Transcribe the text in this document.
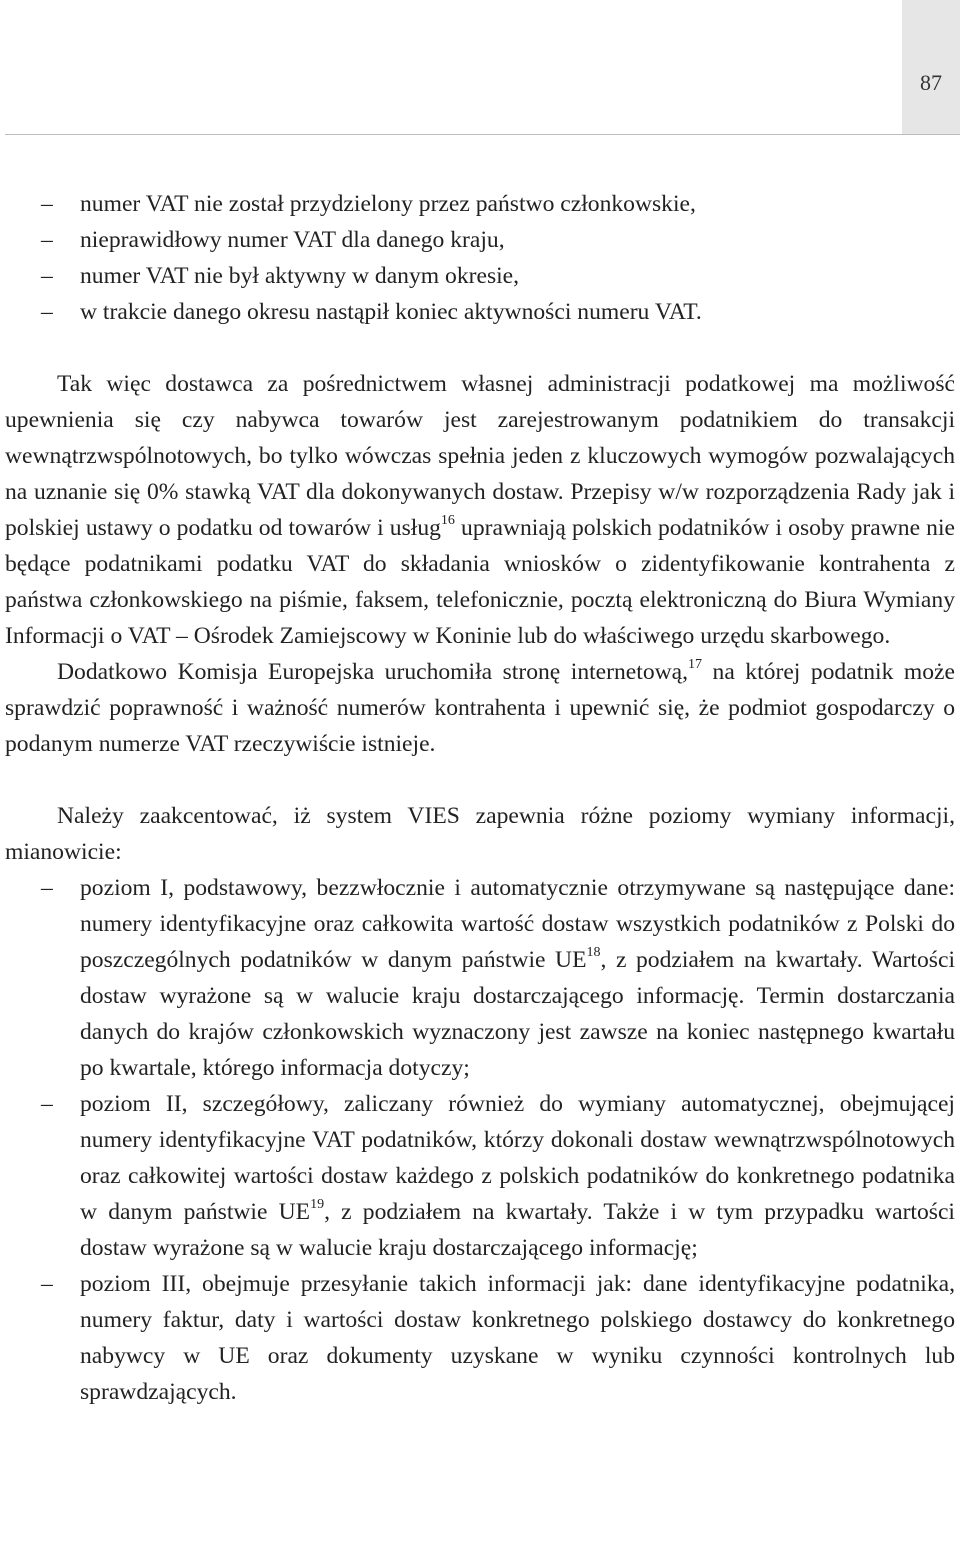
87
– numer VAT nie został przydzielony przez państwo członkowskie,
– nieprawidłowy numer VAT dla danego kraju,
– numer VAT nie był aktywny w danym okresie,
– w trakcie danego okresu nastąpił koniec aktywności numeru VAT.

Tak więc dostawca za pośrednictwem własnej administracji podatkowej ma możliwość upewnienia się czy nabywca towarów jest zarejestrowanym podatnikiem do transakcji wewnątrzwspólnotowych, bo tylko wówczas spełnia jeden z kluczowych wymogów pozwalających na uznanie się 0% stawką VAT dla dokonywanych dostaw. Przepisy w/w rozporządzenia Rady jak i polskiej ustawy o podatku od towarów i usług$^{16}$ uprawniają polskich podatników i osoby prawne nie będące podatnikami podatku VAT do składania wniosków o zidentyfikowanie kontrahenta z państwa członkowskiego na piśmie, faksem, telefonicznie, pocztą elektroniczną do Biura Wymiany Informacji o VAT – Ośrodek Zamiejscowy w Koninie lub do właściwego urzędu skarbowego.

Dodatkowo Komisja Europejska uruchomiła stronę internetową,$^{17}$ na której podatnik może sprawdzić poprawność i ważność numerów kontrahenta i upewnić się, że podmiot gospodarczy o podanym numerze VAT rzeczywiście istnieje.

Należy zaakcentować, iż system VIES zapewnia różne poziomy wymiany informacji, mianowicie:

– poziom I, podstawowy, bezzwłocznie i automatycznie otrzymywane są następujące dane: numery identyfikacyjne oraz całkowita wartość dostaw wszystkich podatników z Polski do poszczególnych podatników w danym państwie UE$^{18}$, z podziałem na kwartały. Wartości dostaw wyrażone są w walucie kraju dostarczającego informację. Termin dostarczania danych do krajów członkowskich wyznaczony jest zawsze na koniec następnego kwartału po kwartale, którego informacja dotyczy;
– poziom II, szczegółowy, zaliczany również do wymiany automatycznej, obejmującej numery identyfikacyjne VAT podatników, którzy dokonali dostaw wewnątrzwspólnotowych oraz całkowitej wartości dostaw każdego z polskich podatników do konkretnego podatnika w danym państwie UE$^{19}$, z podziałem na kwartały. Także i w tym przypadku wartości dostaw wyrażone są w walucie kraju dostarczającego informację;
– poziom III, obejmuje przesyłanie takich informacji jak: dane identyfikacyjne podatnika, numery faktur, daty i wartości dostaw konkretnego polskiego dostawcy do konkretnego nabywcy w UE oraz dokumenty uzyskane w wyniku czynności kontrolnych lub sprawdzających.
